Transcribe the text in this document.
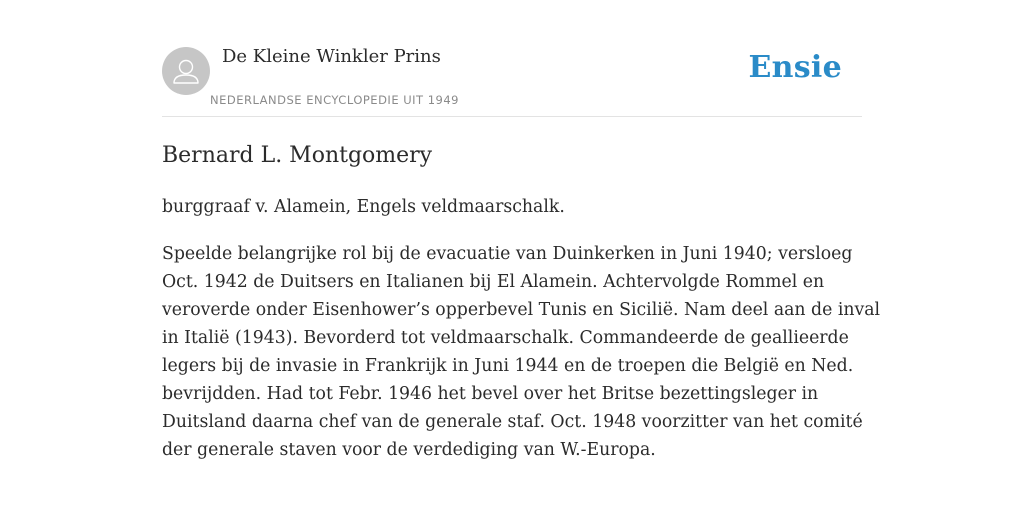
De Kleine Winkler Prins
NEDERLANDSE ENCYCLOPEDIE UIT 1949
Ensie
Bernard L. Montgomery

burggraaf v. Alamein, Engels veldmaarschalk.

Speelde belangrijke rol bij de evacuatie van Duinkerken in Juni 1940; versloeg
Oct. 1942 de Duitsers en Italianen bij El Alamein. Achtervolgde Rommel en
veroverde onder Eisenhower’s opperbevel Tunis en Sicilië. Nam deel aan de inval
in Italië (1943). Bevorderd tot veldmaarschalk. Commandeerde de geallieerde
legers bij de invasie in Frankrijk in Juni 1944 en de troepen die België en Ned.
bevrijdden. Had tot Febr. 1946 het bevel over het Britse bezettingsleger in
Duitsland daarna chef van de generale staf. Oct. 1948 voorzitter van het comité
der generale staven voor de verdediging van W.-Europa.
